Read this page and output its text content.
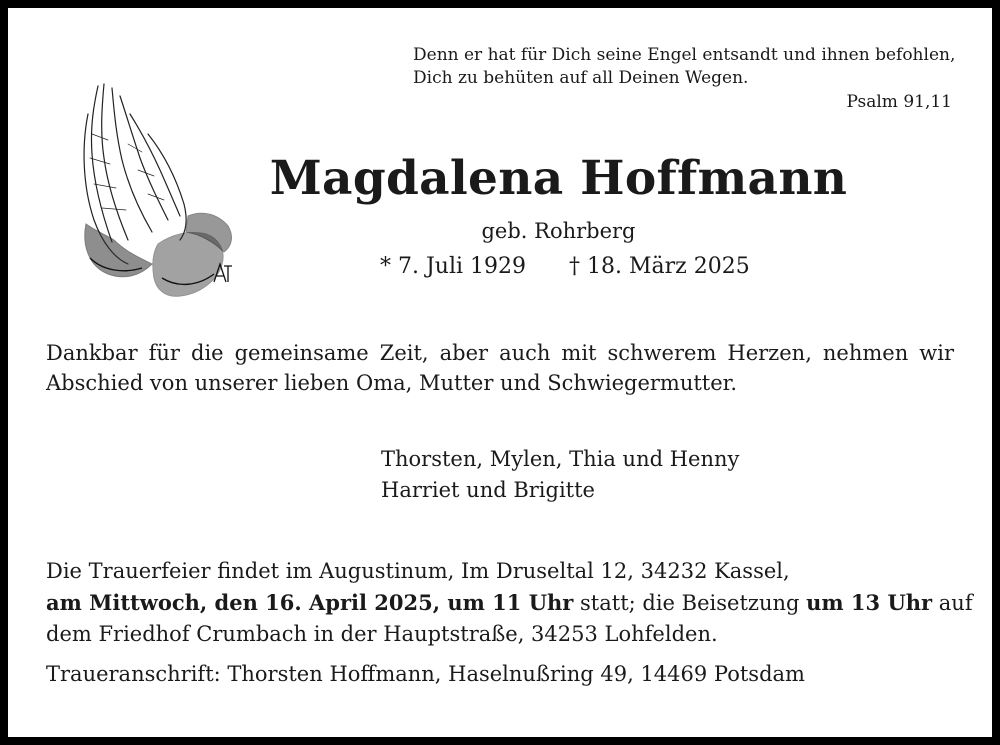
Denn er hat für Dich seine Engel entsandt und ihnen befohlen,
Dich zu behüten auf all Deinen Wegen.
Psalm 91,11
Magdalena Hoffmann
geb. Rohrberg
* 7. Juli 1929 † 18. März 2025
Dankbar für die gemeinsame Zeit, aber auch mit schwerem Herzen, nehmen wir
Abschied von unserer lieben Oma, Mutter und Schwiegermutter.
Thorsten, Mylen, Thia und Henny
Harriet und Brigitte
Die Trauerfeier findet im Augustinum, Im Druseltal 12, 34232 Kassel,
am Mittwoch, den 16. April 2025, um 11 Uhr statt; die Beisetzung um 13 Uhr auf
dem Friedhof Crumbach in der Hauptstraße, 34253 Lohfelden.
Traueranschrift: Thorsten Hoffmann, Haselnußring 49, 14469 Potsdam
